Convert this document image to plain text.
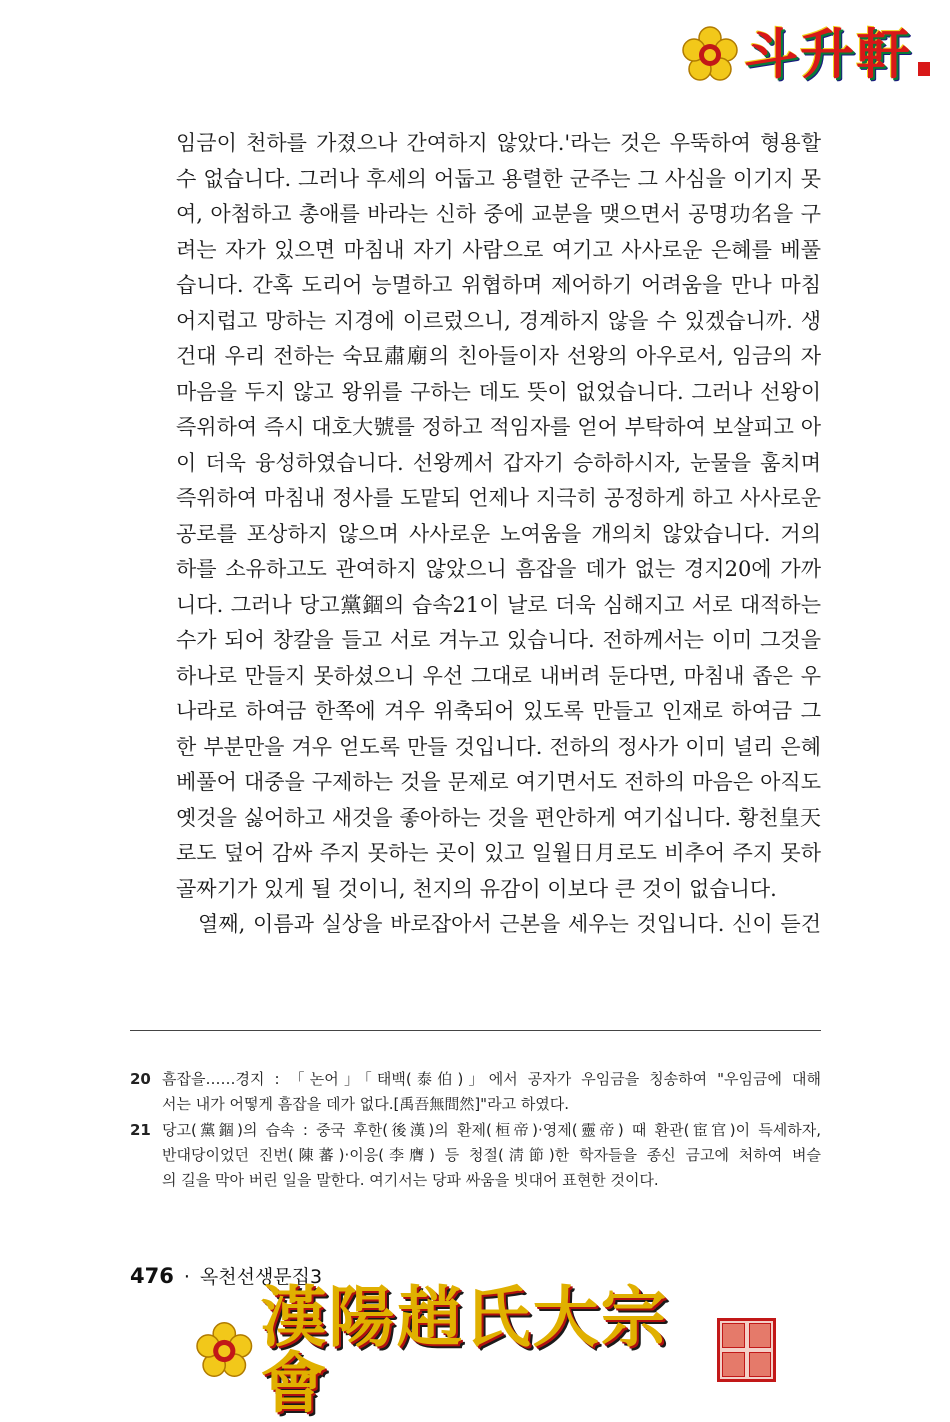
斗升軒
임금이 천하를 가졌으나 간여하지 않았다.'라는 것은 우뚝하여 형용할
수 없습니다. 그러나 후세의 어둡고 용렬한 군주는 그 사심을 이기지 못
여, 아첨하고 총애를 바라는 신하 중에 교분을 맺으면서 공명功名을 구
려는 자가 있으면 마침내 자기 사람으로 여기고 사사로운 은혜를 베풀
습니다. 간혹 도리어 능멸하고 위협하며 제어하기 어려움을 만나 마침
어지럽고 망하는 지경에 이르렀으니, 경계하지 않을 수 있겠습니까. 생
건대 우리 전하는 숙묘肅廟의 친아들이자 선왕의 아우로서, 임금의 자
마음을 두지 않고 왕위를 구하는 데도 뜻이 없었습니다. 그러나 선왕이
즉위하여 즉시 대호大號를 정하고 적임자를 얻어 부탁하여 보살피고 아
이 더욱 융성하였습니다. 선왕께서 갑자기 승하하시자, 눈물을 훔치며
즉위하여 마침내 정사를 도맡되 언제나 지극히 공정하게 하고 사사로운
공로를 포상하지 않으며 사사로운 노여움을 개의치 않았습니다. 거의
하를 소유하고도 관여하지 않았으니 흠잡을 데가 없는 경지20에 가까
니다. 그러나 당고黨錮의 습속21이 날로 더욱 심해지고 서로 대적하는
수가 되어 창칼을 들고 서로 겨누고 있습니다. 전하께서는 이미 그것을
하나로 만들지 못하셨으니 우선 그대로 내버려 둔다면, 마침내 좁은 우
나라로 하여금 한쪽에 겨우 위축되어 있도록 만들고 인재로 하여금 그
한 부분만을 겨우 얻도록 만들 것입니다. 전하의 정사가 이미 널리 은혜
베풀어 대중을 구제하는 것을 문제로 여기면서도 전하의 마음은 아직도
옛것을 싫어하고 새것을 좋아하는 것을 편안하게 여기십니다. 황천皇天
로도 덮어 감싸 주지 못하는 곳이 있고 일월日月로도 비추어 주지 못하
골짜기가 있게 될 것이니, 천지의 유감이 이보다 큰 것이 없습니다.
　열째, 이름과 실상을 바로잡아서 근본을 세우는 것입니다. 신이 듣건
20 흠잡을……경지 : 「논어」「태백(泰伯)」에서 공자가 우임금을 칭송하여 "우임금에 대해
서는 내가 어떻게 흠잡을 데가 없다.[禹吾無間然]"라고 하였다.
21 당고(黨錮)의 습속 : 중국 후한(後漢)의 환제(桓帝)·영제(靈帝) 때 환관(宦官)이 득세하자,
반대당이었던 진번(陳蕃)·이응(李膺) 등 청절(淸節)한 학자들을 종신 금고에 처하여 벼슬
의 길을 막아 버린 일을 말한다. 여기서는 당파 싸움을 빗대어 표현한 것이다.
476 · 옥천선생문집3
漢陽趙氏大宗會
